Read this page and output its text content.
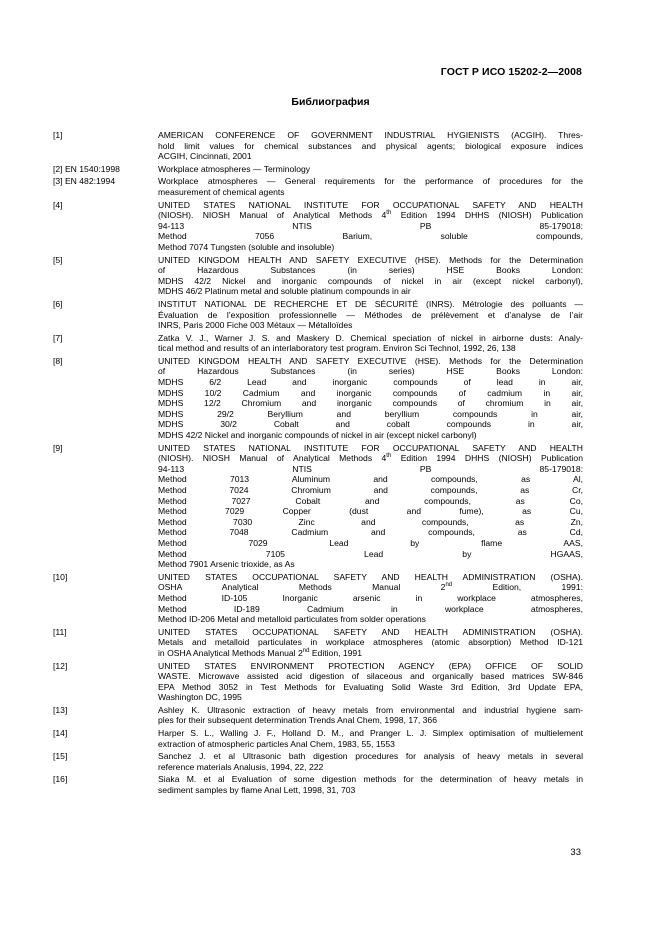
ГОСТ Р ИСО 15202-2—2008
Библиография
[1]	AMERICAN CONFERENCE OF GOVERNMENT INDUSTRIAL HYGIENISTS (ACGIH). Thres-
hold limit values for chemical substances and physical agents; biological exposure indices
ACGIH, Cincinnati, 2001
[2] EN 1540:1998	Workplace atmospheres — Terminology
[3] EN 482:1994	Workplace atmospheres — General requirements for the performance of procedures for the
measurement of chemical agents
[4]	UNITED STATES NATIONAL INSTITUTE FOR OCCUPATIONAL SAFETY AND HEALTH
(NIOSH). NIOSH Manual of Analytical Methods 4th Edition 1994 DHHS (NIOSH) Publication
94-113 NTIS PB 85-179018:
Method 7056 Barium, soluble compounds,
Method 7074 Tungsten (soluble and insoluble)
[5]	UNITED KINGDOM HEALTH AND SAFETY EXECUTIVE (HSE). Methods for the Determination
of Hazardous Substances (in series) HSE Books London:
MDHS 42/2 Nickel and inorganic compounds of nickel in air (except nickel carbonyl),
MDHS 46/2 Platinum metal and soluble platinum compounds in air
[6]	INSTITUT NATIONAL DE RECHERCHE ET DE SÉCURITÉ (INRS). Métrologie des polluants —
Évaluation de l’exposition professionnelle — Méthodes de prélèvement et d’analyse de l’air
INRS, Paris 2000 Fiche 003 Métaux — Métalloïdes
[7]	Zatka V. J., Warner J. S. and Maskery D. Chemical speciation of nickel in airborne dusts: Analy-
tical method and results of an interlaboratory test program. Environ Sci Technol, 1992, 26, 138
[8]	UNITED KINGDOM HEALTH AND SAFETY EXECUTIVE (HSE). Methods for the Determination
of Hazardous Substances (in series) HSE Books London:
MDHS 6/2 Lead and inorganic compounds of lead in air,
MDHS 10/2 Cadmium and inorganic compounds of cadmium in air,
MDHS 12/2 Chromium and inorganic compounds of chromium in air,
MDHS 29/2 Beryllium and beryllium compounds in air,
MDHS 30/2 Cobalt and cobalt compounds in air,
MDHS 42/2 Nickel and inorganic compounds of nickel in air (except nickel carbonyl)
[9]	UNITED STATES NATIONAL INSTITUTE FOR OCCUPATIONAL SAFETY AND HEALTH
(NIOSH). NIOSH Manual of Analytical Methods 4th Edition 1994 DHHS (NIOSH) Publication
94-113 NTIS PB 85-179018:
Method 7013 Aluminum and compounds, as Al,
Method 7024 Chromium and compounds, as Cr,
Method 7027 Cobalt and compounds, as Co,
Method 7029 Copper (dust and fume), as Cu,
Method 7030 Zinc and compounds, as Zn,
Method 7048 Cadmium and compounds, as Cd,
Method 7029 Lead by flame AAS,
Method 7105 Lead by HGAAS,
Method 7901 Arsenic trioxide, as As
[10]	UNITED STATES OCCUPATIONAL SAFETY AND HEALTH ADMINISTRATION (OSHA).
OSHA Analytical Methods Manual 2nd Edition, 1991:
Method ID-105 Inorganic arsenic in workplace atmospheres,
Method ID-189 Cadmium in workplace atmospheres,
Method ID-206 Metal and metalloid particulates from solder operations
[11]	UNITED STATES OCCUPATIONAL SAFETY AND HEALTH ADMINISTRATION (OSHA).
Metals and metalloid particulates in workplace atmospheres (atomic absorption) Method ID-121
in OSHA Analytical Methods Manual 2nd Edition, 1991
[12]	UNITED STATES ENVIRONMENT PROTECTION AGENCY (EPA) OFFICE OF SOLID
WASTE. Microwave assisted acid digestion of silaceous and organically based matrices SW-846
EPA Method 3052 in Test Methods for Evaluating Solid Waste 3rd Edition, 3rd Update EPA,
Washington DC, 1995
[13]	Ashley K. Ultrasonic extraction of heavy metals from environmental and industrial hygiene sam-
ples for their subsequent determination Trends Anal Chem, 1998, 17, 366
[14]	Harper S. L., Walling J. F., Holland D. M., and Pranger L. J. Simplex optimisation of multielement
extraction of atmospheric particles Anal Chem, 1983, 55, 1553
[15]	Sanchez J. et al Ultrasonic bath digestion procedures for analysis of heavy metals in several
reference materials Analusis, 1994, 22, 222
[16]	Siaka M. et al Evaluation of some digestion methods for the determination of heavy metals in
sediment samples by flame Anal Lett, 1998, 31, 703
33
